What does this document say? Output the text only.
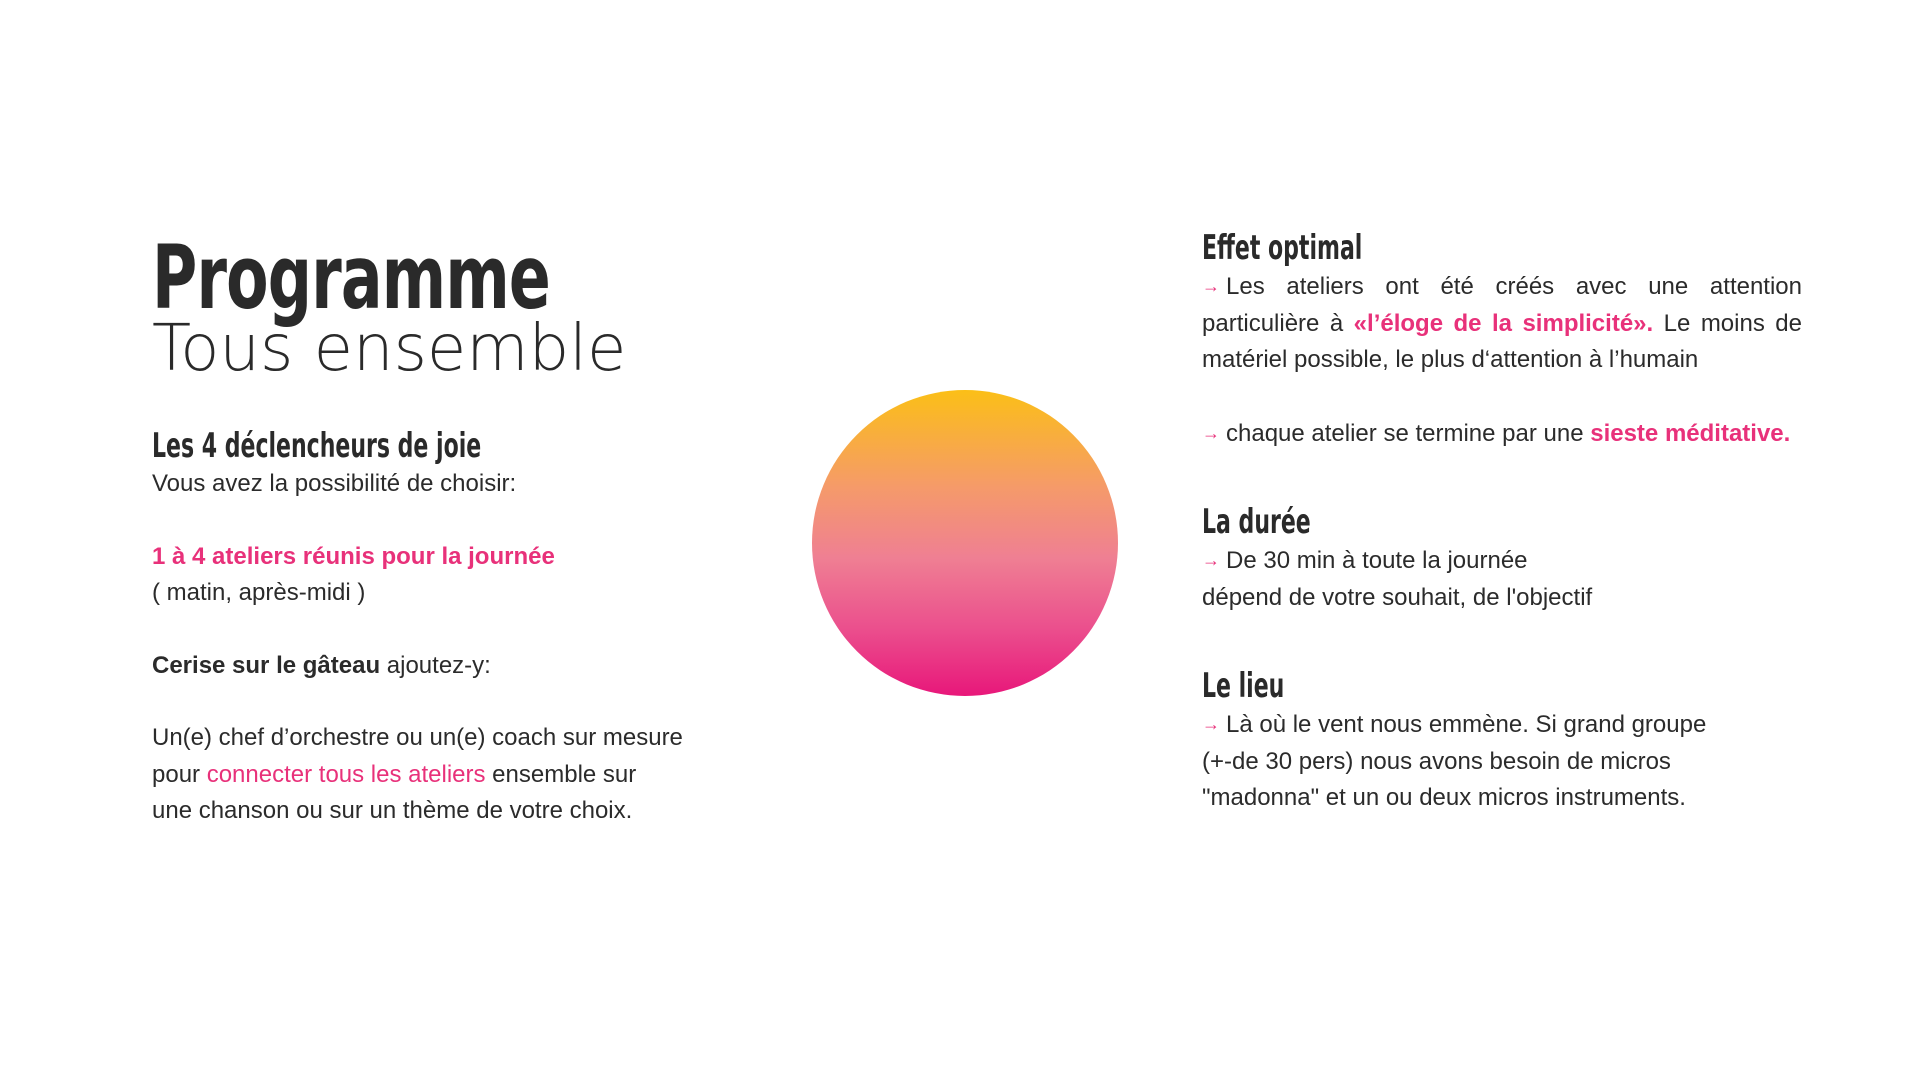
Programme
Tous ensemble
Les 4 déclencheurs de joie

Vous avez la possibilité de choisir:

1 à 4 ateliers réunis pour la journée

( matin, après-midi )

Cerise sur le gâteau ajoutez-y:

Un(e) chef d’orchestre ou un(e) coach sur mesure

pour connecter tous les ateliers ensemble sur

une chanson ou sur un thème de votre choix.

Effet optimal

→ Les ateliers ont été créés avec une attention particulière à «l’éloge de la simplicité». Le moins de matériel possible, le plus d‘attention à l’humain

→ chaque atelier se termine par une sieste méditative.

La durée

→ De 30 min à toute la journée

dépend de votre souhait, de l'objectif

Le lieu

→ Là où le vent nous emmène. Si grand groupe

(+-de 30 pers) nous avons besoin de micros

"madonna" et un ou deux micros instruments.
